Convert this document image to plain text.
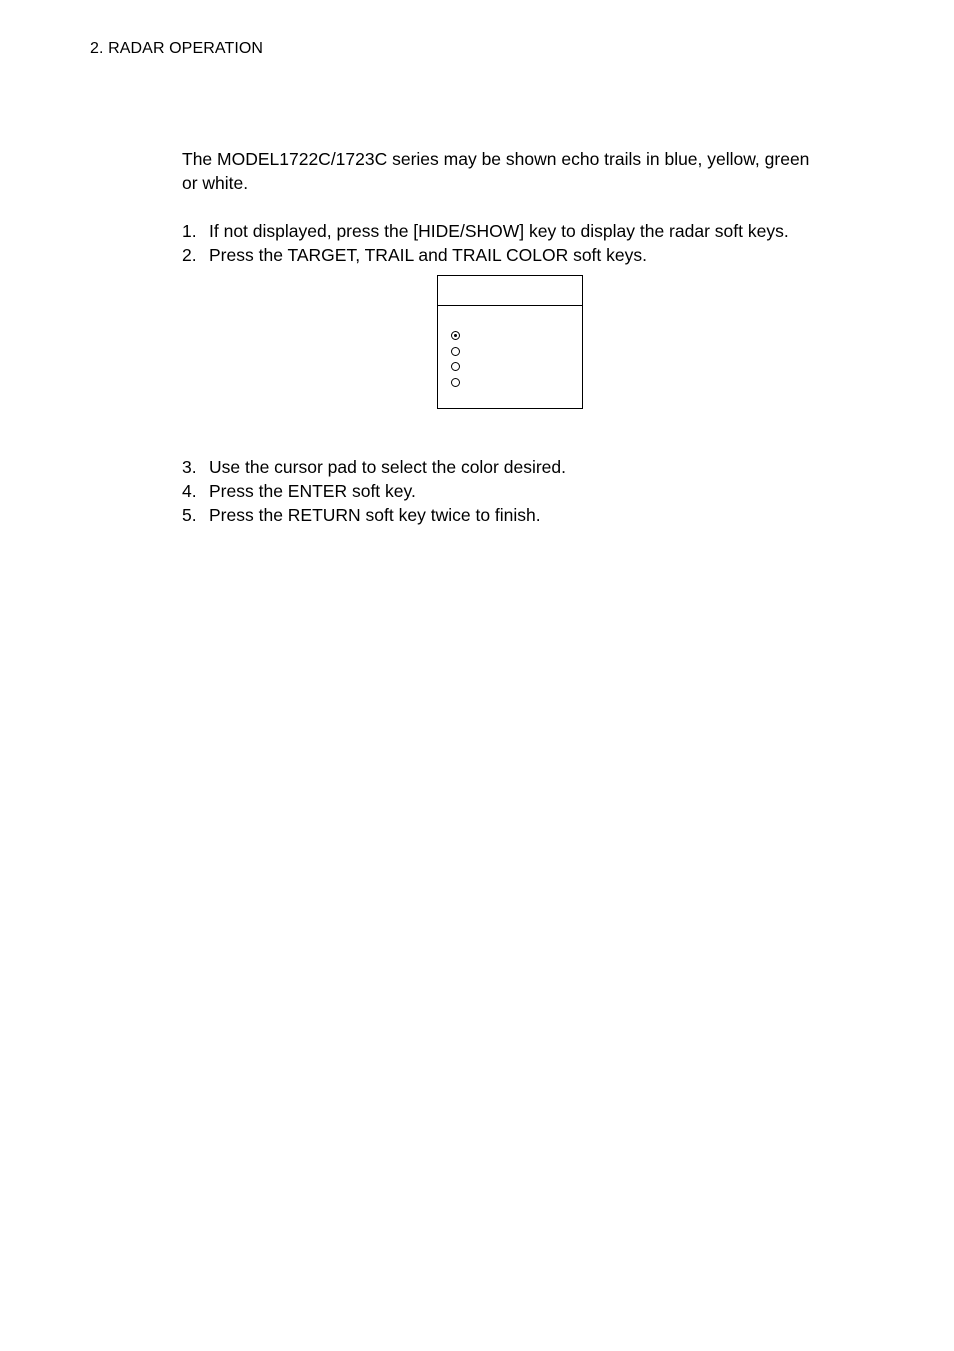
2. RADAR OPERATION

The MODEL1722C/1723C series may be shown echo trails in blue, yellow, green or white.

1. If not displayed, press the [HIDE/SHOW] key to display the radar soft keys.
2. Press the TARGET, TRAIL and TRAIL COLOR soft keys.
3. Use the cursor pad to select the color desired.
4. Press the ENTER soft key.
5. Press the RETURN soft key twice to finish.
